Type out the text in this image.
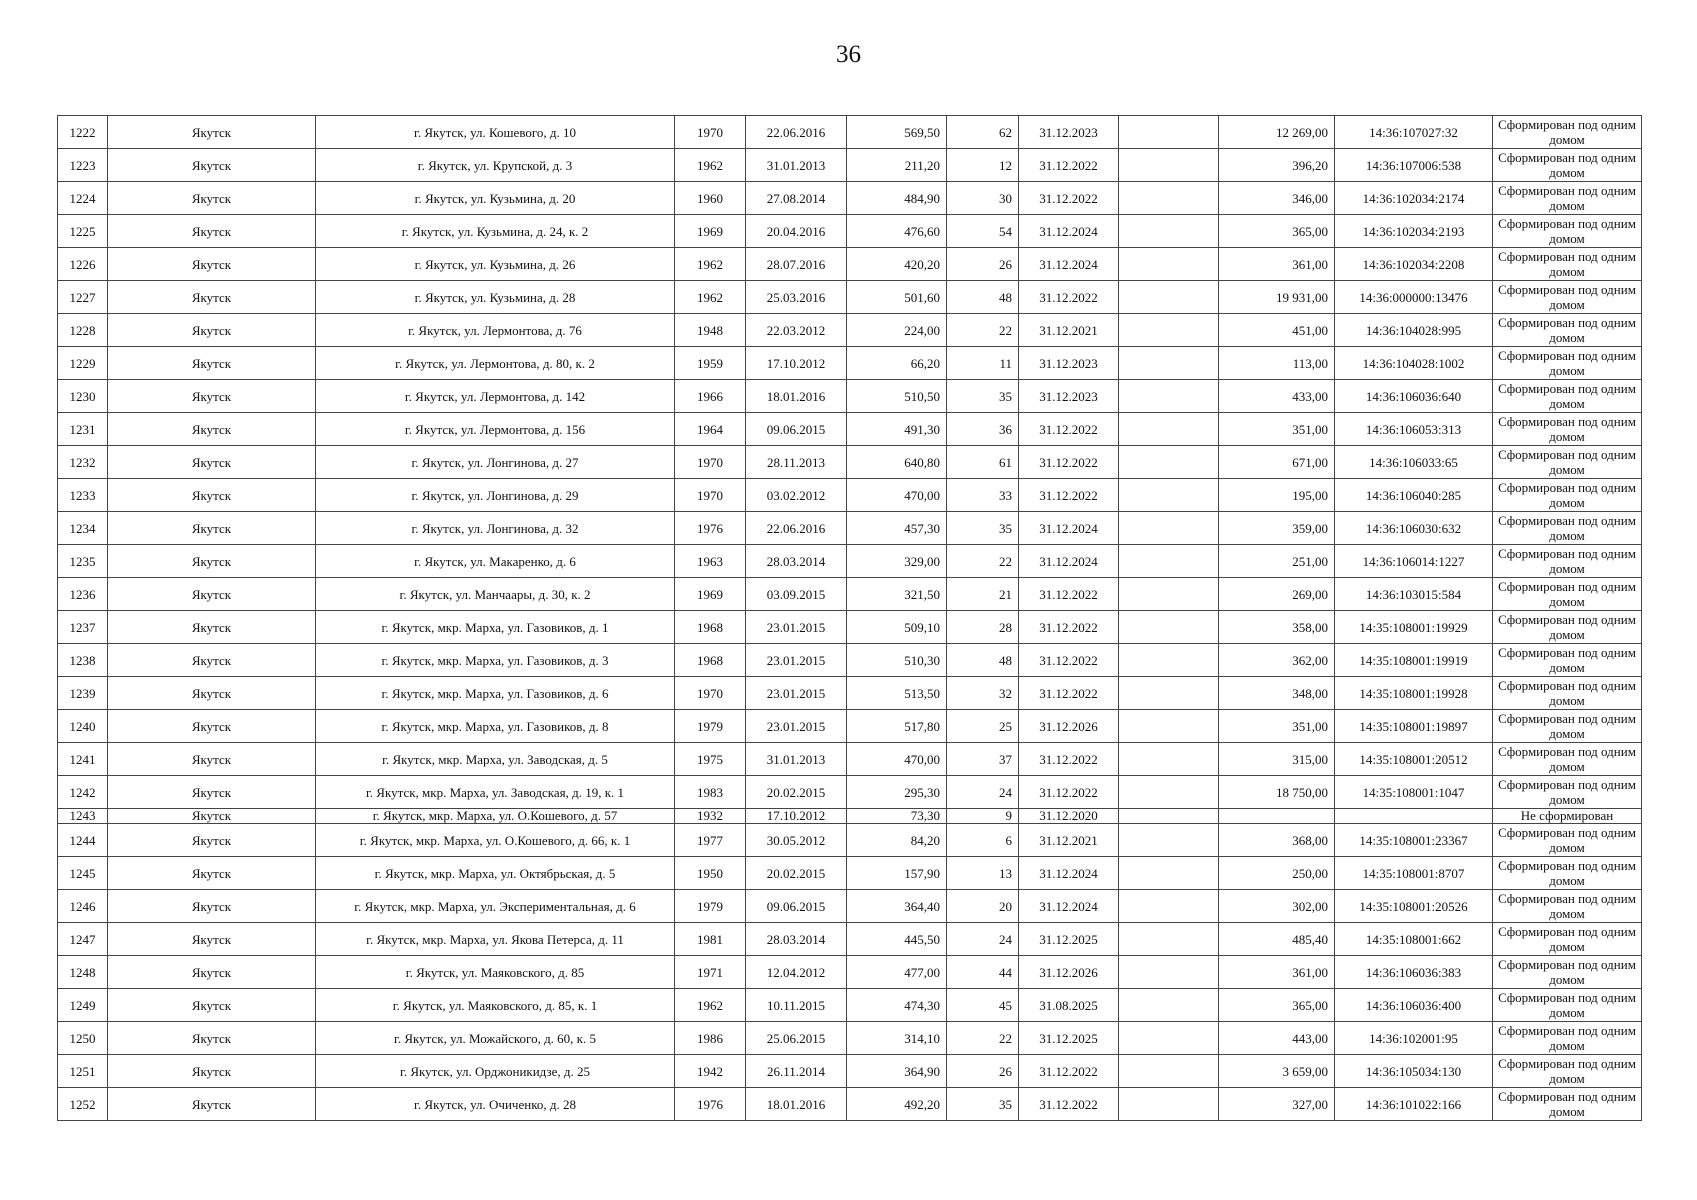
36
1222	Якутск	г. Якутск, ул. Кошевого, д. 10	1970	22.06.2016	569,50	62	31.12.2023		12 269,00	14:36:107027:32	Сформирован под одним домом
1223	Якутск	г. Якутск, ул. Крупской, д. 3	1962	31.01.2013	211,20	12	31.12.2022		396,20	14:36:107006:538	Сформирован под одним домом
1224	Якутск	г. Якутск, ул. Кузьмина, д. 20	1960	27.08.2014	484,90	30	31.12.2022		346,00	14:36:102034:2174	Сформирован под одним домом
1225	Якутск	г. Якутск, ул. Кузьмина, д. 24, к. 2	1969	20.04.2016	476,60	54	31.12.2024		365,00	14:36:102034:2193	Сформирован под одним домом
1226	Якутск	г. Якутск, ул. Кузьмина, д. 26	1962	28.07.2016	420,20	26	31.12.2024		361,00	14:36:102034:2208	Сформирован под одним домом
1227	Якутск	г. Якутск, ул. Кузьмина, д. 28	1962	25.03.2016	501,60	48	31.12.2022		19 931,00	14:36:000000:13476	Сформирован под одним домом
1228	Якутск	г. Якутск, ул. Лермонтова, д. 76	1948	22.03.2012	224,00	22	31.12.2021		451,00	14:36:104028:995	Сформирован под одним домом
1229	Якутск	г. Якутск, ул. Лермонтова, д. 80, к. 2	1959	17.10.2012	66,20	11	31.12.2023		113,00	14:36:104028:1002	Сформирован под одним домом
1230	Якутск	г. Якутск, ул. Лермонтова, д. 142	1966	18.01.2016	510,50	35	31.12.2023		433,00	14:36:106036:640	Сформирован под одним домом
1231	Якутск	г. Якутск, ул. Лермонтова, д. 156	1964	09.06.2015	491,30	36	31.12.2022		351,00	14:36:106053:313	Сформирован под одним домом
1232	Якутск	г. Якутск, ул. Лонгинова, д. 27	1970	28.11.2013	640,80	61	31.12.2022		671,00	14:36:106033:65	Сформирован под одним домом
1233	Якутск	г. Якутск, ул. Лонгинова, д. 29	1970	03.02.2012	470,00	33	31.12.2022		195,00	14:36:106040:285	Сформирован под одним домом
1234	Якутск	г. Якутск, ул. Лонгинова, д. 32	1976	22.06.2016	457,30	35	31.12.2024		359,00	14:36:106030:632	Сформирован под одним домом
1235	Якутск	г. Якутск, ул. Макаренко, д. 6	1963	28.03.2014	329,00	22	31.12.2024		251,00	14:36:106014:1227	Сформирован под одним домом
1236	Якутск	г. Якутск, ул. Манчаары, д. 30, к. 2	1969	03.09.2015	321,50	21	31.12.2022		269,00	14:36:103015:584	Сформирован под одним домом
1237	Якутск	г. Якутск, мкр. Марха, ул. Газовиков, д. 1	1968	23.01.2015	509,10	28	31.12.2022		358,00	14:35:108001:19929	Сформирован под одним домом
1238	Якутск	г. Якутск, мкр. Марха, ул. Газовиков, д. 3	1968	23.01.2015	510,30	48	31.12.2022		362,00	14:35:108001:19919	Сформирован под одним домом
1239	Якутск	г. Якутск, мкр. Марха, ул. Газовиков, д. 6	1970	23.01.2015	513,50	32	31.12.2022		348,00	14:35:108001:19928	Сформирован под одним домом
1240	Якутск	г. Якутск, мкр. Марха, ул. Газовиков, д. 8	1979	23.01.2015	517,80	25	31.12.2026		351,00	14:35:108001:19897	Сформирован под одним домом
1241	Якутск	г. Якутск, мкр. Марха, ул. Заводская, д. 5	1975	31.01.2013	470,00	37	31.12.2022		315,00	14:35:108001:20512	Сформирован под одним домом
1242	Якутск	г. Якутск, мкр. Марха, ул. Заводская, д. 19, к. 1	1983	20.02.2015	295,30	24	31.12.2022		18 750,00	14:35:108001:1047	Сформирован под одним домом
1243	Якутск	г. Якутск, мкр. Марха, ул. О.Кошевого, д. 57	1932	17.10.2012	73,30	9	31.12.2020				Не сформирован
1244	Якутск	г. Якутск, мкр. Марха, ул. О.Кошевого, д. 66, к. 1	1977	30.05.2012	84,20	6	31.12.2021		368,00	14:35:108001:23367	Сформирован под одним домом
1245	Якутск	г. Якутск, мкр. Марха, ул. Октябрьская, д. 5	1950	20.02.2015	157,90	13	31.12.2024		250,00	14:35:108001:8707	Сформирован под одним домом
1246	Якутск	г. Якутск, мкр. Марха, ул. Экспериментальная, д. 6	1979	09.06.2015	364,40	20	31.12.2024		302,00	14:35:108001:20526	Сформирован под одним домом
1247	Якутск	г. Якутск, мкр. Марха, ул. Якова Петерса, д. 11	1981	28.03.2014	445,50	24	31.12.2025		485,40	14:35:108001:662	Сформирован под одним домом
1248	Якутск	г. Якутск, ул. Маяковского, д. 85	1971	12.04.2012	477,00	44	31.12.2026		361,00	14:36:106036:383	Сформирован под одним домом
1249	Якутск	г. Якутск, ул. Маяковского, д. 85, к. 1	1962	10.11.2015	474,30	45	31.08.2025		365,00	14:36:106036:400	Сформирован под одним домом
1250	Якутск	г. Якутск, ул. Можайского, д. 60, к. 5	1986	25.06.2015	314,10	22	31.12.2025		443,00	14:36:102001:95	Сформирован под одним домом
1251	Якутск	г. Якутск, ул. Орджоникидзе, д. 25	1942	26.11.2014	364,90	26	31.12.2022		3 659,00	14:36:105034:130	Сформирован под одним домом
1252	Якутск	г. Якутск, ул. Очиченко, д. 28	1976	18.01.2016	492,20	35	31.12.2022		327,00	14:36:101022:166	Сформирован под одним домом
